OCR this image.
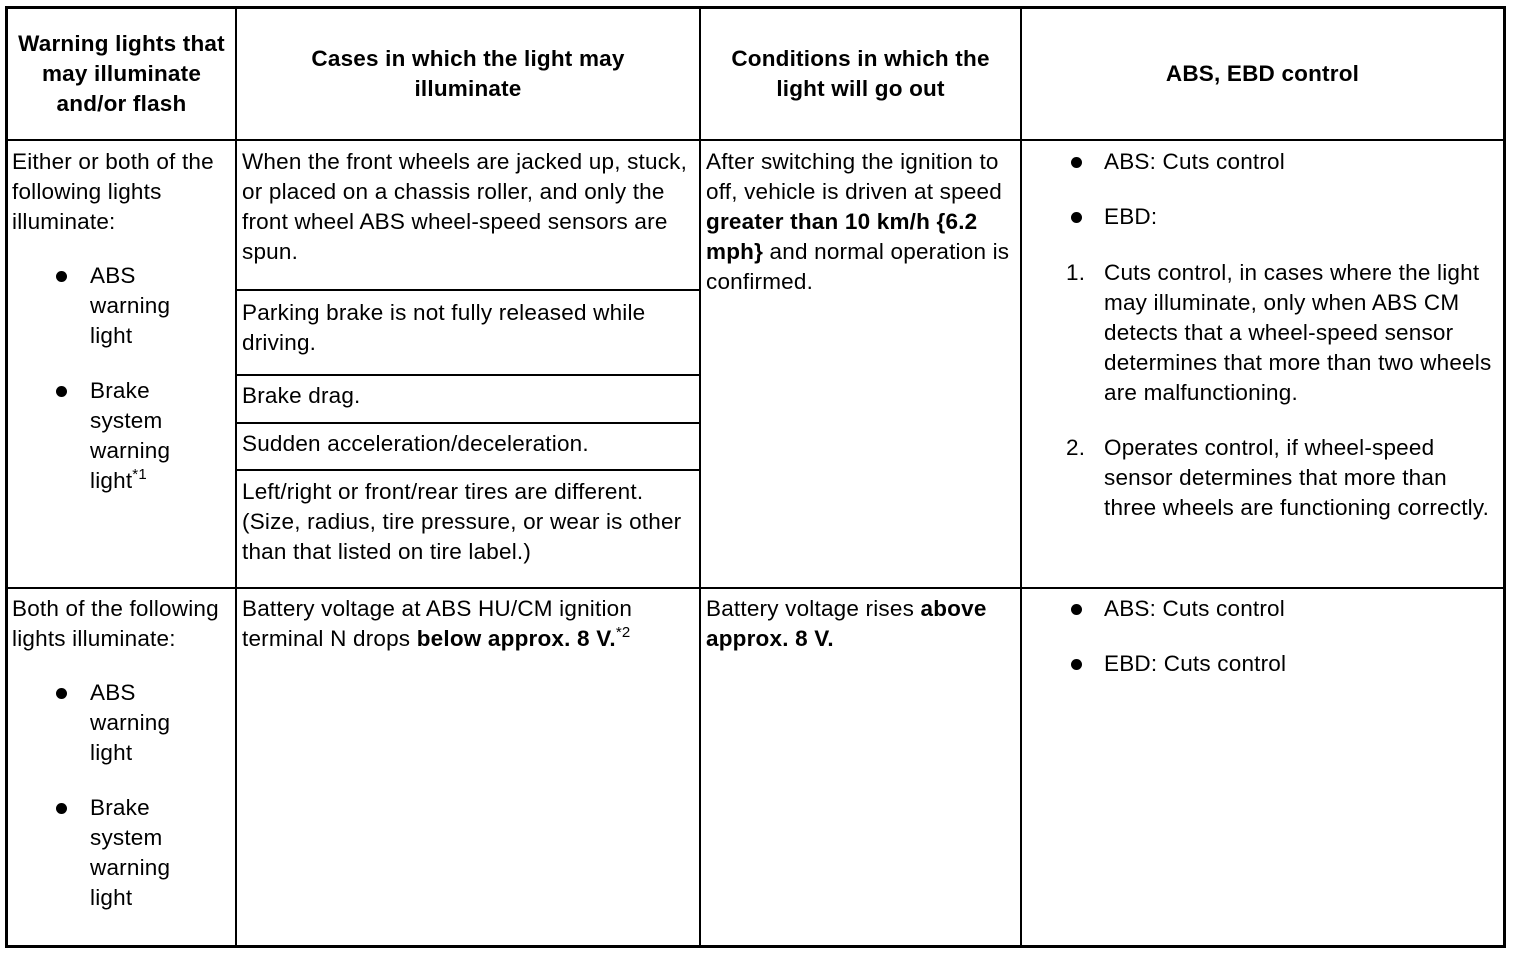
Warning lights that may illuminate and/or flash
Cases in which the light may illuminate
Conditions in which the light will go out
ABS, EBD control
Either or both of the following lights illuminate:
ABS warning light
Brake system warning light$^{*1}$
When the front wheels are jacked up, stuck, or placed on a chassis roller, and only the front wheel ABS wheel-speed sensors are spun.
Parking brake is not fully released while driving.
Brake drag.
Sudden acceleration/deceleration.
Left/right or front/rear tires are different. (Size, radius, tire pressure, or wear is other than that listed on tire label.)
After switching the ignition to off, vehicle is driven at speed greater than 10 km/h {6.2 mph} and normal operation is confirmed.
ABS: Cuts control
EBD:
1. Cuts control, in cases where the light may illuminate, only when ABS CM detects that a wheel-speed sensor determines that more than two wheels are malfunctioning.
2. Operates control, if wheel-speed sensor determines that more than three wheels are functioning correctly.
Both of the following lights illuminate:
ABS warning light
Brake system warning light
Battery voltage at ABS HU/CM ignition terminal N drops below approx. 8 V.$^{*2}$
Battery voltage rises above approx. 8 V.
ABS: Cuts control
EBD: Cuts control
